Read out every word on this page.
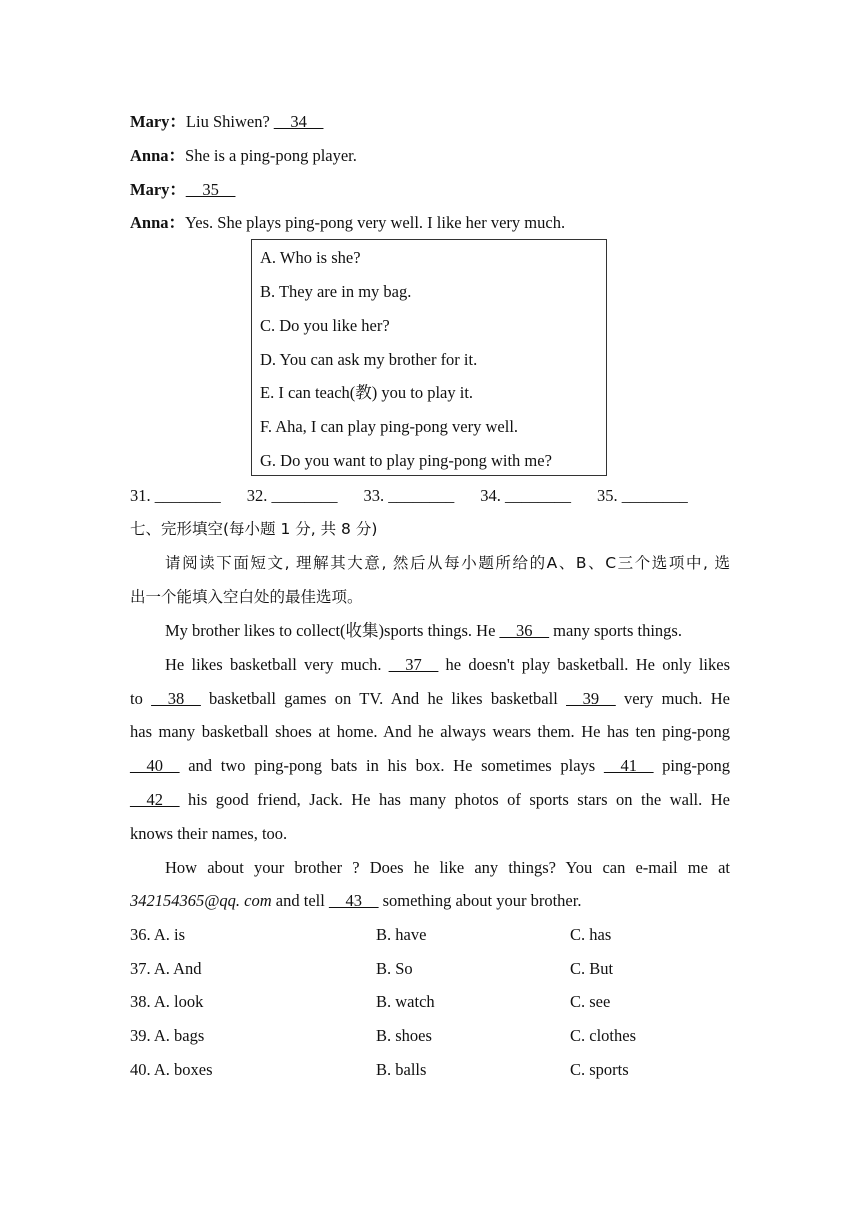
Mary：Liu Shiwen? __34__
Anna：She is a ping-pong player.
Mary：__35__
Anna：Yes. She plays ping-pong very well. I like her very much.
A. Who is she?
B. They are in my bag.
C. Do you like her?
D. You can ask my brother for it.
E. I can teach(教) you to play it.
F. Aha, I can play ping-pong very well.
G. Do you want to play ping-pong with me?
31. ________ 32. ________ 33. ________ 34. ________ 35. ________
七、完形填空(每小题 1 分, 共 8 分)
请阅读下面短文, 理解其大意, 然后从每小题所给的A、B、C三个选项中, 选
出一个能填入空白处的最佳选项。
My brother likes to collect(收集)sports things. He __36__ many sports things.
He likes basketball very much. __37__ he doesn't play basketball. He only likes
to __38__ basketball games on TV. And he likes basketball __39__ very much. He
has many basketball shoes at home. And he always wears them. He has ten ping-pong
__40__ and two ping-pong bats in his box. He sometimes plays __41__ ping-pong
__42__ his good friend, Jack. He has many photos of sports stars on the wall. He
knows their names, too.
How about your brother ? Does he like any things? You can e-mail me at
342154365@qq. com and tell __43__ something about your brother.
36. A. is	B. have	C. has
37. A. And	B. So	C. But
38. A. look	B. watch	C. see
39. A. bags	B. shoes	C. clothes
40. A. boxes	B. balls	C. sports
